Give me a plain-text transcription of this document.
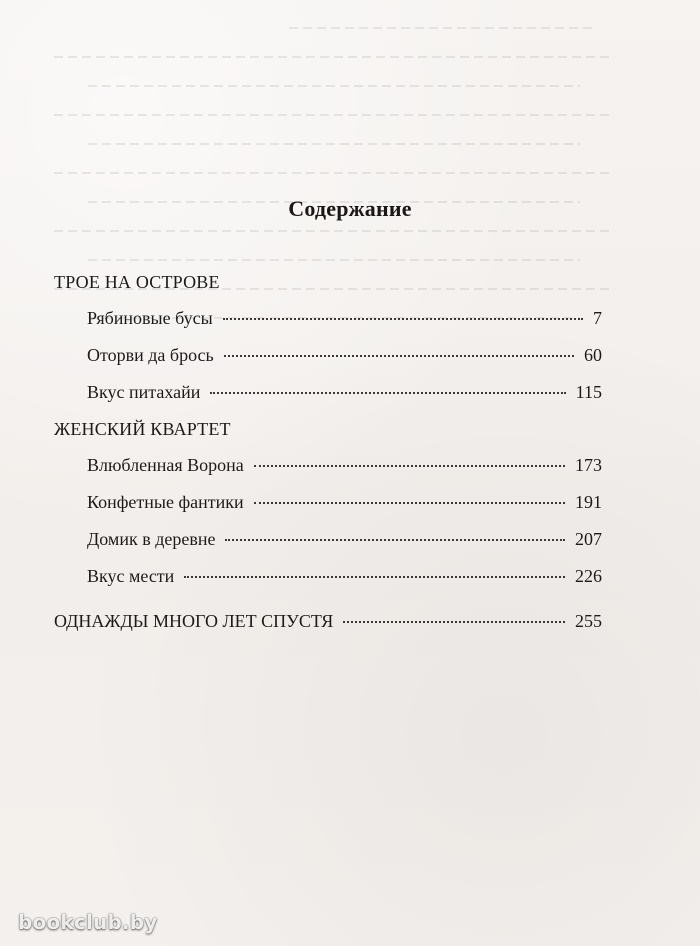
Содержание
ТРОЕ НА ОСТРОВЕ
Рябиновые бусы	7
Оторви да брось	60
Вкус питахайи	115
ЖЕНСКИЙ КВАРТЕТ
Влюбленная Ворона	173
Конфетные фантики	191
Домик в деревне	207
Вкус мести	226
ОДНАЖДЫ МНОГО ЛЕТ СПУСТЯ	255
bookclub.by
